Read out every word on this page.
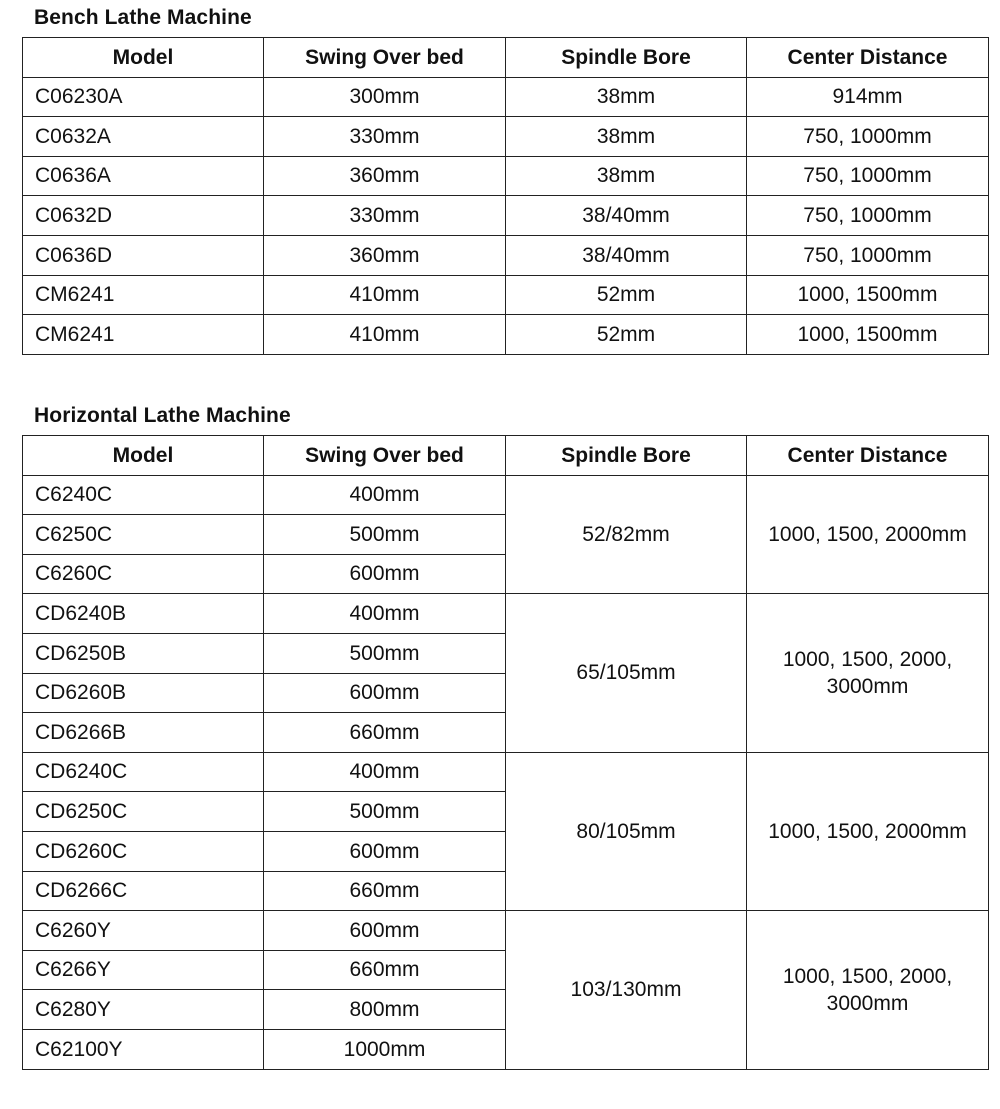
Bench Lathe Machine
Model	Swing Over bed	Spindle Bore	Center Distance
C06230A	300mm	38mm	914mm
C0632A	330mm	38mm	750, 1000mm
C0636A	360mm	38mm	750, 1000mm
C0632D	330mm	38/40mm	750, 1000mm
C0636D	360mm	38/40mm	750, 1000mm
CM6241	410mm	52mm	1000, 1500mm
CM6241	410mm	52mm	1000, 1500mm
Horizontal Lathe Machine
Model	Swing Over bed	Spindle Bore	Center Distance
C6240C	400mm	52/82mm	1000, 1500, 2000mm
C6250C	500mm		
C6260C	600mm		
CD6240B	400mm	65/105mm	1000, 1500, 2000, 3000mm
CD6250B	500mm		
CD6260B	600mm		
CD6266B	660mm		
CD6240C	400mm	80/105mm	1000, 1500, 2000mm
CD6250C	500mm		
CD6260C	600mm		
CD6266C	660mm		
C6260Y	600mm	103/130mm	1000, 1500, 2000, 3000mm
C6266Y	660mm		
C6280Y	800mm		
C62100Y	1000mm		
